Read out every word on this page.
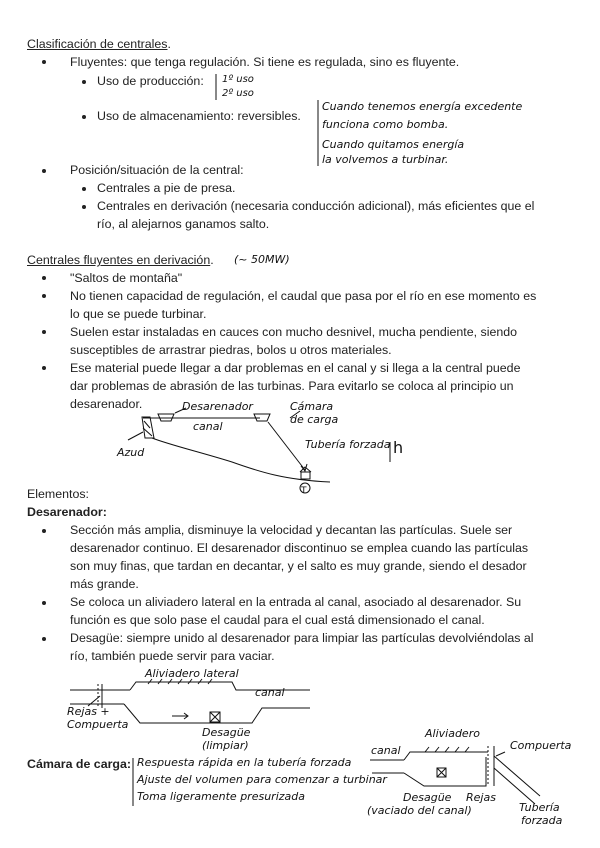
Clasificación de centrales.
Fluyentes: que tenga regulación. Si tiene es regulada, sino es fluyente.
Uso de producción: 1º uso
2º uso
Uso de almacenamiento: reversibles.
Cuando tenemos energía excedente
funciona como bomba.
Cuando quitamos energía
la volvemos a turbinar.
Posición/situación de la central:
Centrales a pie de presa.
Centrales en derivación (necesaria conducción adicional), más eficientes que el
río, al alejarnos ganamos salto.
Centrales fluyentes en derivación. (~ 50MW)
"Saltos de montaña"
No tienen capacidad de regulación, el caudal que pasa por el río en ese momento es
lo que se puede turbinar.
Suelen estar instaladas en cauces con mucho desnivel, mucha pendiente, siendo
susceptibles de arrastrar piedras, bolos u otros materiales.
Ese material puede llegar a dar problemas en el canal y si llega a la central puede
dar problemas de abrasión de las turbinas. Para evitarlo se coloca al principio un
desarenador.	Desarenador	Cámara
de carga
canal
Tubería forzada h
Azud
T
Elementos:
Desarenador:
Sección más amplia, disminuye la velocidad y decantan las partículas. Suele ser
desarenador continuo. El desarenador discontinuo se emplea cuando las partículas
son muy finas, que tardan en decantar, y el salto es muy grande, siendo el desador
más grande.
Se coloca un aliviadero lateral en la entrada al canal, asociado al desarenador. Su
función es que solo pase el caudal para el cual está dimensionado el canal.
Desagüe: siempre unido al desarenador para limpiar las partículas devolviéndolas al
río, también puede servir para vaciar.
Aliviadero lateral
canal
Rejas +
Compuerta
Desagüe
(limpiar)
Cámara de carga: Respuesta rápida en la tubería forzada
Ajuste del volumen para comenzar a turbinar
Toma ligeramente presurizada
Aliviadero
Compuerta
canal
Desagüe
(vaciado del canal)
Rejas
Tubería
forzada
